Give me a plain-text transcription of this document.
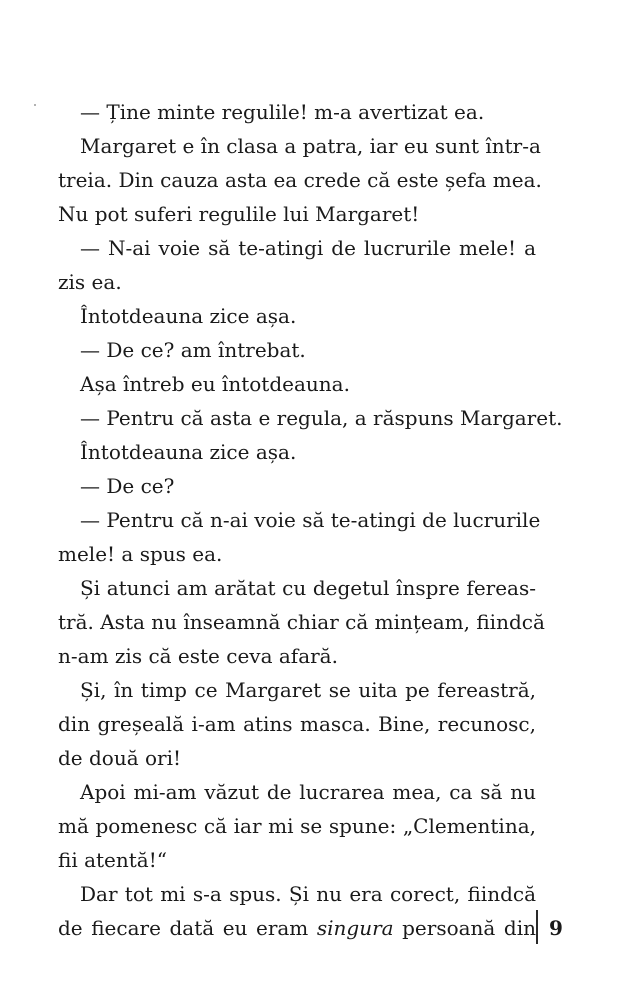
— Ține minte regulile! m-a avertizat ea.
Margaret e în clasa a patra, iar eu sunt într-a
treia. Din cauza asta ea crede că este șefa mea.
Nu pot suferi regulile lui Margaret!
— N-ai voie să te-atingi de lucrurile mele! a
zis ea.
Întotdeauna zice așa.
— De ce? am întrebat.
Așa întreb eu întotdeauna.
— Pentru că asta e regula, a răspuns Margaret.
Întotdeauna zice așa.
— De ce?
— Pentru că n-ai voie să te-atingi de lucrurile
mele! a spus ea.
Și atunci am arătat cu degetul înspre fereas-
tră. Asta nu înseamnă chiar că mințeam, fiindcă
n-am zis că este ceva afară.
Și, în timp ce Margaret se uita pe fereastră,
din greșeală i-am atins masca. Bine, recunosc,
de două ori!
Apoi mi-am văzut de lucrarea mea, ca să nu
mă pomenesc că iar mi se spune: „Clementina,
fii atentă!“
Dar tot mi s-a spus. Și nu era corect, fiindcă
de fiecare dată eu eram singura persoană din 9
